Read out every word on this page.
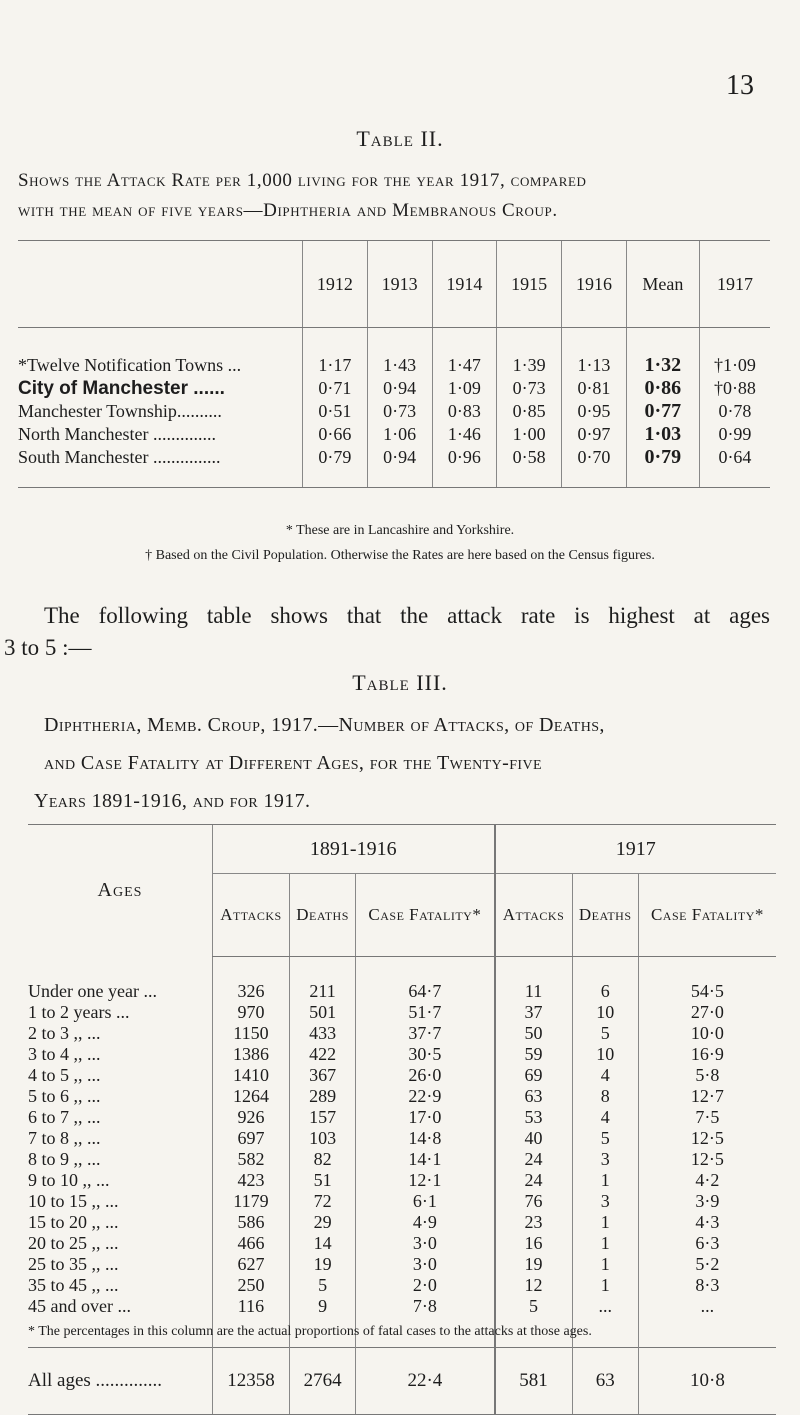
13
Table II.
Shows the Attack Rate per 1,000 living for the year 1917, compared
with the mean of five years—Diphtheria and Membranous Croup.
	1912	1913	1914	1915	1916	Mean	1917
*Twelve Notification Towns ...	1·17	1·43	1·47	1·39	1·13	1·32	†1·09
City of Manchester ......	0·71	0·94	1·09	0·73	0·81	0·86	†0·88
Manchester Township..........	0·51	0·73	0·83	0·85	0·95	0·77	0·78
North Manchester ..............	0·66	1·06	1·46	1·00	0·97	1·03	0·99
South Manchester ...............	0·79	0·94	0·96	0·58	0·70	0·79	0·64
* These are in Lancashire and Yorkshire.
† Based on the Civil Population. Otherwise the Rates are here based on the Census figures.
The following table shows that the attack rate is highest at ages
3 to 5 :—
Table III.
Diphtheria, Memb. Croup, 1917.—Number of Attacks, of Deaths,
and Case Fatality at Different Ages, for the Twenty-five
Years 1891-1916, and for 1917.
Ages	1891-1916			1917		
	Attacks	Deaths	Case Fatality*	Attacks	Deaths	Case Fatality*
Under one year ...	326	211	64·7	11	6	54·5
1 to 2 years ...	970	501	51·7	37	10	27·0
2 to 3 ,, ...	1150	433	37·7	50	5	10·0
3 to 4 ,, ...	1386	422	30·5	59	10	16·9
4 to 5 ,, ...	1410	367	26·0	69	4	5·8
5 to 6 ,, ...	1264	289	22·9	63	8	12·7
6 to 7 ,, ...	926	157	17·0	53	4	7·5
7 to 8 ,, ...	697	103	14·8	40	5	12·5
8 to 9 ,, ...	582	82	14·1	24	3	12·5
9 to 10 ,, ...	423	51	12·1	24	1	4·2
10 to 15 ,, ...	1179	72	6·1	76	3	3·9
15 to 20 ,, ...	586	29	4·9	23	1	4·3
20 to 25 ,, ...	466	14	3·0	16	1	6·3
25 to 35 ,, ...	627	19	3·0	19	1	5·2
35 to 45 ,, ...	250	5	2·0	12	1	8·3
45 and over ...	116	9	7·8	5	...	...
All ages ..............	12358	2764	22·4	581	63	10·8
* The percentages in this column are the actual proportions of fatal cases to the attacks at those ages.
